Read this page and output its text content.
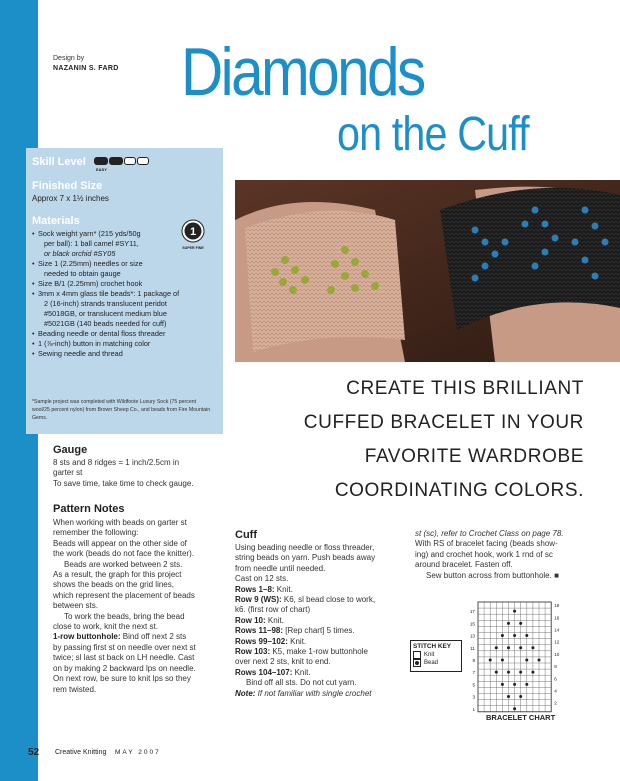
Design by
NAZANIN S. FARD Diamonds
on the Cuff
Skill Level
EASY
Finished Size
Approx 7 x 1½ inches
Materials
1
SUPER FINE
• Sock weight yarn* (215 yds/50g
per ball): 1 ball camel #SY11,
or black orchid #SY05
• Size 1 (2.25mm) needles or size
needed to obtain gauge
• Size B/1 (2.25mm) crochet hook
• 3mm x 4mm glass tile beads*: 1 package of
2 (16-inch) strands translucent peridot
#5018GB, or translucent medium blue
#5021GB (140 beads needed for cuff)
• Beading needle or dental floss threader
• 1 (⅞-inch) button in matching color
• Sewing needle and thread
*Sample project was completed with Wildfoote Luxury Sock (75 percent wool/25 percent nylon) from Brown Sheep Co., and beads from Fire Mountain Gems.
CREATE THIS BRILLIANT
CUFFED BRACELET IN YOUR
FAVORITE WARDROBE
COORDINATING COLORS.
Gauge

8 sts and 8 ridges = 1 inch/2.5cm in

garter st

To save time, take time to check gauge.

Pattern Notes

When working with beads on garter st

remember the following:

Beads will appear on the other side of

the work (beads do not face the knitter).

Beads are worked between 2 sts.

As a result, the graph for this project

shows the beads on the grid lines,

which represent the placement of beads

between sts.

To work the beads, bring the bead

close to work, knit the next st.

1-row buttonhole: Bind off next 2 sts

by passing first st on needle over next st

twice; sl last st back on LH needle. Cast

on by making 2 backward lps on needle.

On next row, be sure to knit lps so they

rem twisted.

Cuff

Using beading needle or floss threader,

string beads on yarn. Push beads away

from needle until needed.

Cast on 12 sts.

Rows 1–8: Knit.

Row 9 (WS): K6, sl bead close to work,

k6. (first row of chart)

Row 10: Knit.

Rows 11–98: [Rep chart] 5 times.

Rows 99–102: Knit.

Row 103: K5, make 1-row buttonhole

over next 2 sts, knit to end.

Rows 104–107: Knit.

Bind off all sts. Do not cut yarn.

Note: If not familiar with single crochet

st (sc), refer to Crochet Class on page 78.

With RS of bracelet facing (beads show-

ing) and crochet hook, work 1 rnd of sc

around bracelet. Fasten off.

Sew button across from buttonhole. ■

STITCH KEY
Knit
Bead
17
15
13
11
9
7
5
3
1
18
16
14
12
10
8
6
4
2
BRACELET CHART
52 Creative Knitting MAY 2007
